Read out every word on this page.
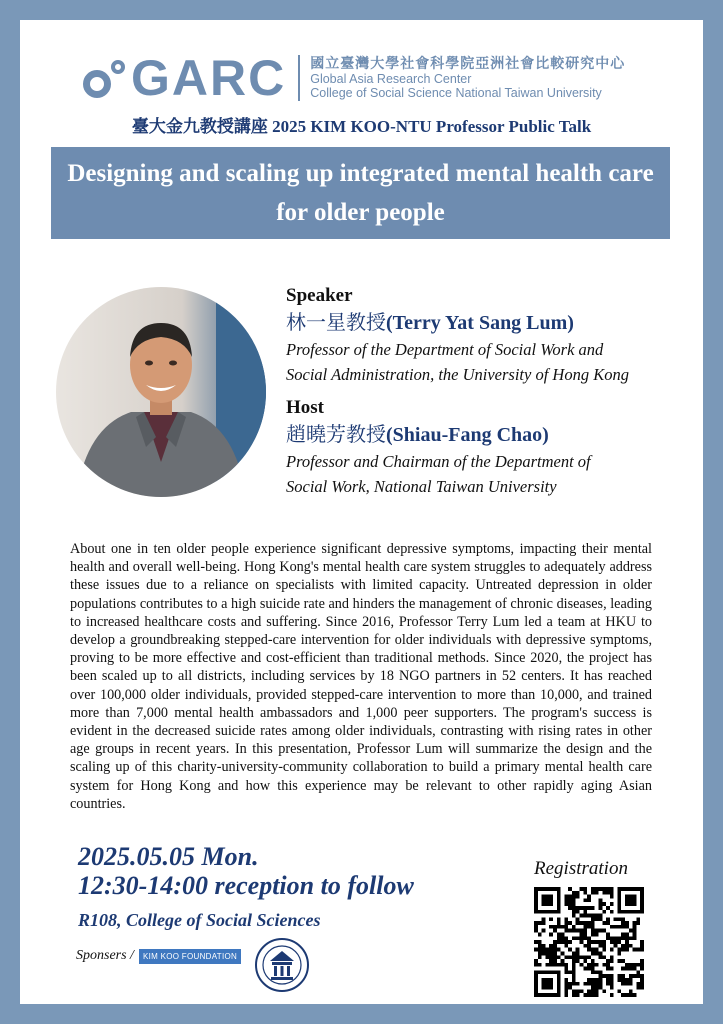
GARC 國立臺灣大學社會科學院亞洲社會比較研究中心
Global Asia Research Center
College of Social Science National Taiwan University
臺大金九教授講座 2025 KIM KOO-NTU Professor Public Talk
Designing and scaling up integrated mental health care for older people
Speaker
林一星教授(Terry Yat Sang Lum)
Professor of the Department of Social Work and
Social Administration, the University of Hong Kong
Host
趙曉芳教授(Shiau-Fang Chao)
Professor and Chairman of the Department of
Social Work, National Taiwan University
About one in ten older people experience significant depressive symptoms, impacting their mental health and overall well-being. Hong Kong's mental health care system struggles to adequately address these issues due to a reliance on specialists with limited capacity. Untreated depression in older populations contributes to a high suicide rate and hinders the management of chronic diseases, leading to increased healthcare costs and suffering. Since 2016, Professor Terry Lum led a team at HKU to develop a groundbreaking stepped-care intervention for older individuals with depressive symptoms, proving to be more effective and cost-efficient than traditional methods. Since 2020, the project has been scaled up to all districts, including services by 18 NGO partners in 52 centers. It has reached over 100,000 older individuals, provided stepped-care intervention to more than 10,000, and trained more than 7,000 mental health ambassadors and 1,000 peer supporters. The program's success is evident in the decreased suicide rates among older individuals, contrasting with rising rates in other age groups in recent years. In this presentation, Professor Lum will summarize the design and the scaling up of this charity-university-community collaboration to build a primary mental health care system for Hong Kong and how this experience may be relevant to other rapidly aging Asian countries.
2025.05.05 Mon.
12:30-14:00 reception to follow
R108, College of Social Sciences
Sponsers /	KIM KOO FOUNDATION
Registration
